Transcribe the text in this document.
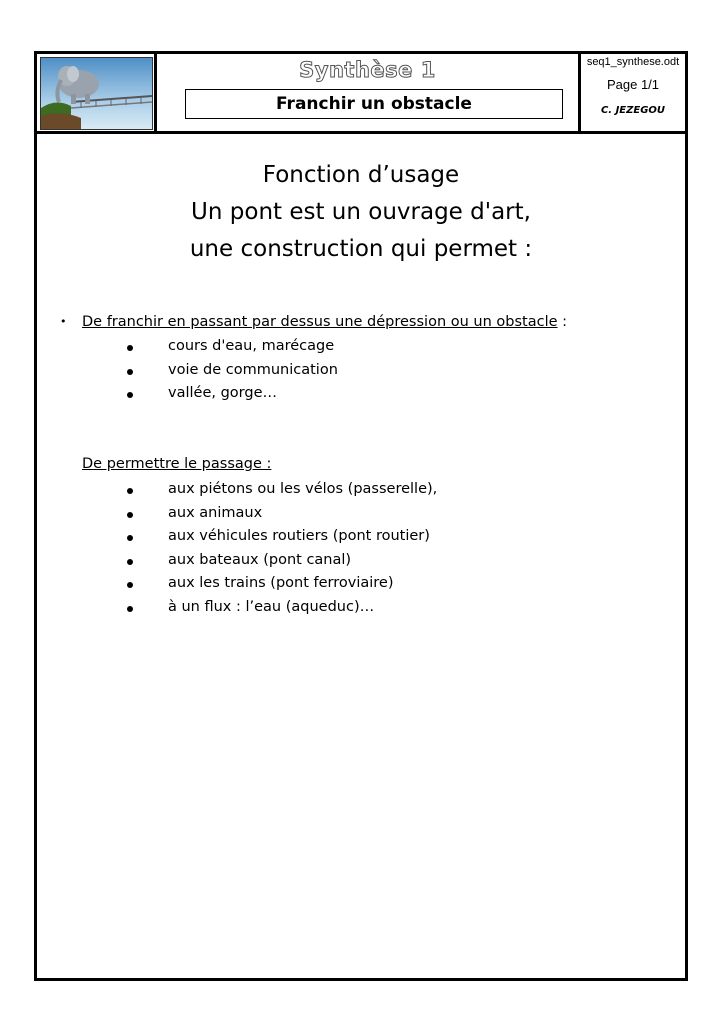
Synthèse 1
Franchir un obstacle
seq1_synthese.odt
Page 1/1
C. JEZEGOU
Fonction d’usage
Un pont est un ouvrage d'art,
une construction qui permet :
• De franchir en passant par dessus une dépression ou un obstacle :
cours d'eau, marécage
voie de communication
vallée, gorge…
De permettre le passage :
aux piétons ou les vélos (passerelle),
aux animaux
aux véhicules routiers (pont routier)
aux bateaux (pont canal)
aux les trains (pont ferroviaire)
à un flux : l’eau (aqueduc)…
